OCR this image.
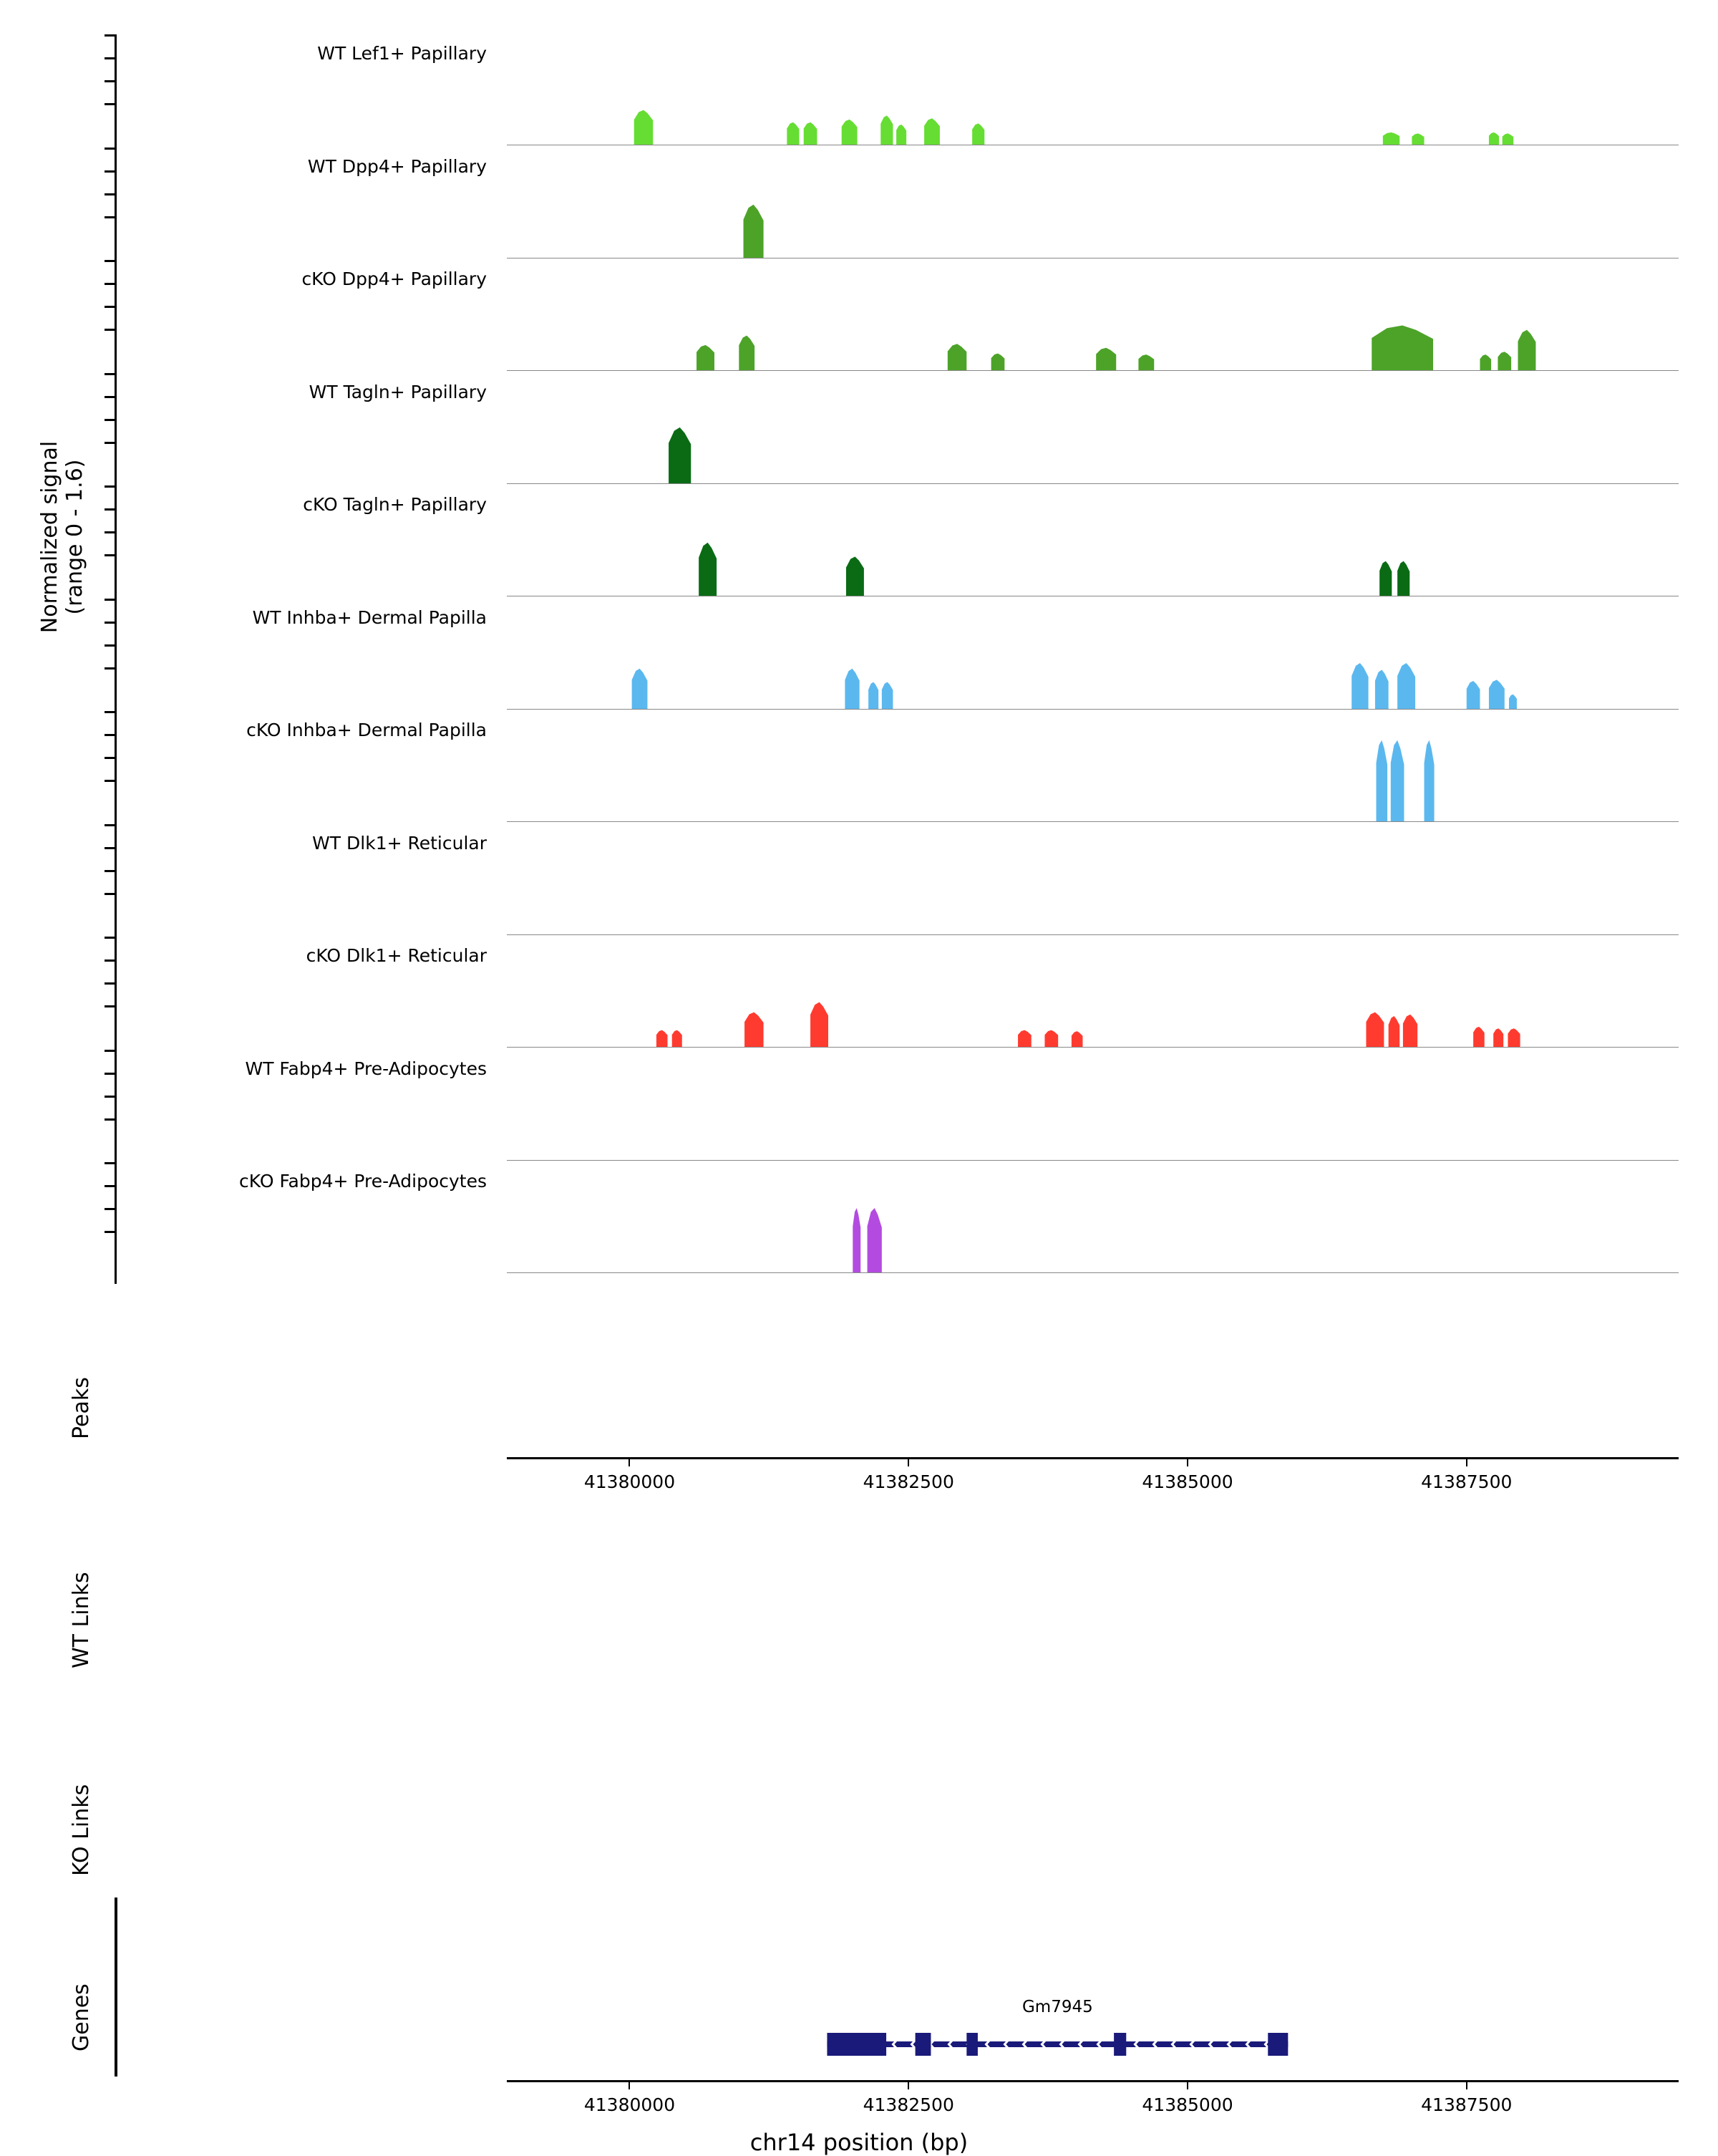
Normalized signal (range 0 - 1.6)
Peaks
WT Links
KO Links
Genes
WT Lef1+ Papillary
WT Dpp4+ Papillary
cKO Dpp4+ Papillary
WT Tagln+ Papillary
cKO Tagln+ Papillary
WT Inhba+ Dermal Papilla
cKO Inhba+ Dermal Papilla
WT Dlk1+ Reticular
cKO Dlk1+ Reticular
WT Fabp4+ Pre-Adipocytes
cKO Fabp4+ Pre-Adipocytes
41380000	41382500	41385000	41387500
41380000	41382500	41385000	41387500
chr14 position (bp)
Gm7945
